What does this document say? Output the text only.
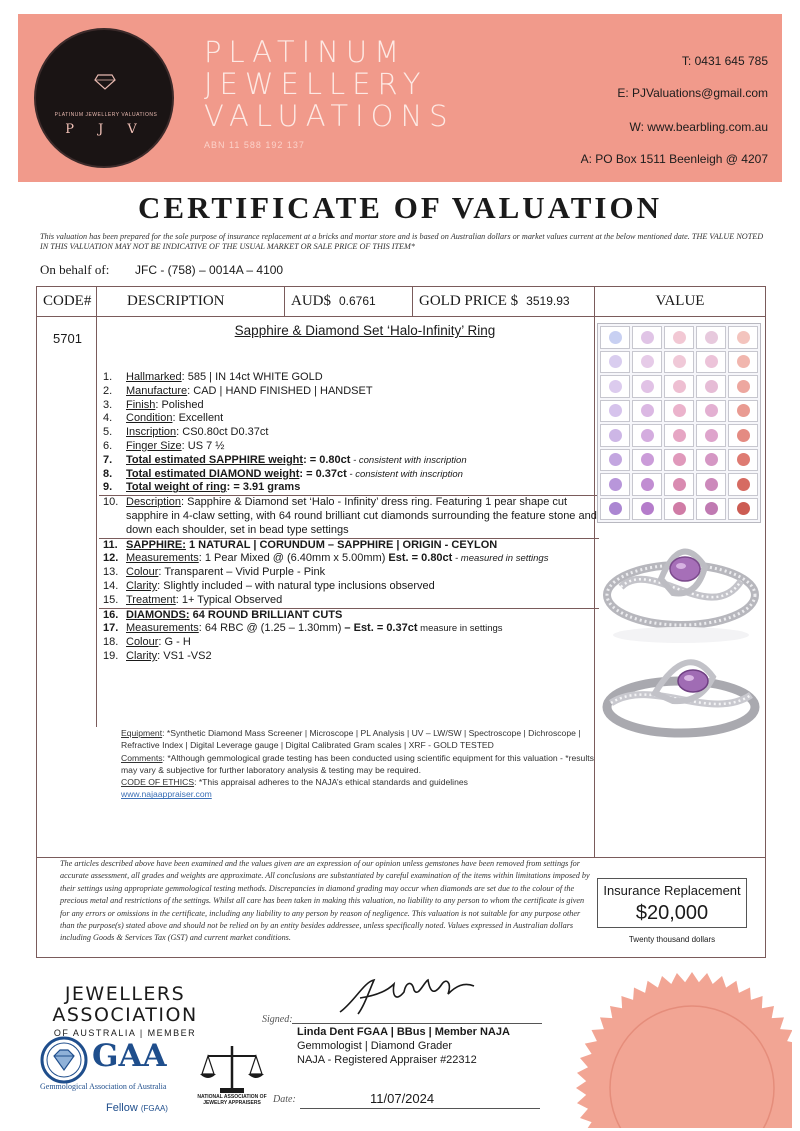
PLATINUM JEWELLERY VALUATIONS
P J V
PLATINUM
JEWELLERY
VALUATIONS
ABN 11 588 192 137
T: 0431 645 785
E: PJValuations@gmail.com
W: www.bearbling.com.au
A: PO Box 1511 Beenleigh @ 4207
CERTIFICATE OF VALUATION
This valuation has been prepared for the sole purpose of insurance replacement at a bricks and mortar store and is based on Australian dollars or market values current at the below mentioned date. THE VALUE NOTED IN THIS VALUATION MAY NOT BE INDICATIVE OF THE USUAL MARKET OR SALE PRICE OF THIS ITEM*
On behalf of: JFC - (758) – 0014A – 4100
CODE#	DESCRIPTION	AUD$ 0.6761	GOLD PRICE $ 3519.93	VALUE
5701
Sapphire & Diamond Set ‘Halo-Infinity’ Ring
1.	Hallmarked: 585 | IN 14ct WHITE GOLD
2.	Manufacture: CAD | HAND FINISHED | HANDSET
3.	Finish: Polished
4.	Condition: Excellent
5.	Inscription: CS0.80ct D0.37ct
6.	Finger Size: US 7 ½
7.	Total estimated SAPPHIRE weight: = 0.80ct - consistent with inscription
8.	Total estimated DIAMOND weight: = 0.37ct - consistent with inscription
9.	Total weight of ring: = 3.91 grams
10. Description: Sapphire & Diamond set ‘Halo - Infinity’ dress ring. Featuring 1 pear shape cut sapphire in 4-claw setting, with 64 round brilliant cut diamonds surrounding the feature stone and down each shoulder, set in bead type settings
11. SAPPHIRE: 1 NATURAL | CORUNDUM – SAPPHIRE | ORIGIN - CEYLON
12. Measurements: 1 Pear Mixed @ (6.40mm x 5.00mm) Est. = 0.80ct - measured in settings
13. Colour: Transparent – Vivid Purple - Pink
14. Clarity: Slightly included – with natural type inclusions observed
15. Treatment: 1+ Typical Observed
16. DIAMONDS: 64 ROUND BRILLIANT CUTS
17. Measurements: 64 RBC @ (1.25 – 1.30mm) – Est. = 0.37ct measure in settings
18. Colour: G - H
19. Clarity: VS1 -VS2
Equipment: *Synthetic Diamond Mass Screener | Microscope | PL Analysis | UV – LW/SW | Spectroscope | Dichroscope | Refractive Index | Digital Leverage gauge | Digital Calibrated Gram scales | XRF - GOLD TESTED
Comments: *Although gemmological grade testing has been conducted using scientific equipment for this valuation - *results may vary & subjective for further laboratory analysis & testing may be required.
CODE OF ETHICS: *This appraisal adheres to the NAJA’s ethical standards and guidelines
www.najaappraiser.com
The articles described above have been examined and the values given are an expression of our opinion unless gemstones have been removed from settings for accurate assessment, all grades and weights are approximate. All conclusions are substantiated by careful examination of the items within limitations imposed by their settings using appropriate gemmological testing methods. Discrepancies in diamond grading may occur when diamonds are set due to the colour of the precious metal and restrictions of the settings. Whilst all care has been taken in making this valuation, no liability to any person to whom the certificate is given for any errors or omissions in the certificate, including any liability to any person by reason of negligence. This valuation is not suitable for any purpose other than the purpose(s) stated above and should not be relied on by an entity besides addressee, unless specifically noted. Values expressed in Australian dollars including Goods & Services Tax (GST) and current market conditions.
Insurance Replacement
$20,000
Twenty thousand dollars
JEWELLERS
ASSOCIATION
OF AUSTRALIA | MEMBER
GAA
Gemmological Association of Australia
Fellow (FGAA)
NATIONAL ASSOCIATION OF JEWELRY APPRAISERS
Signed:
Linda Dent FGAA | BBus | Member NAJA
Gemmologist | Diamond Grader
NAJA - Registered Appraiser #22312
Date:	11/07/2024
